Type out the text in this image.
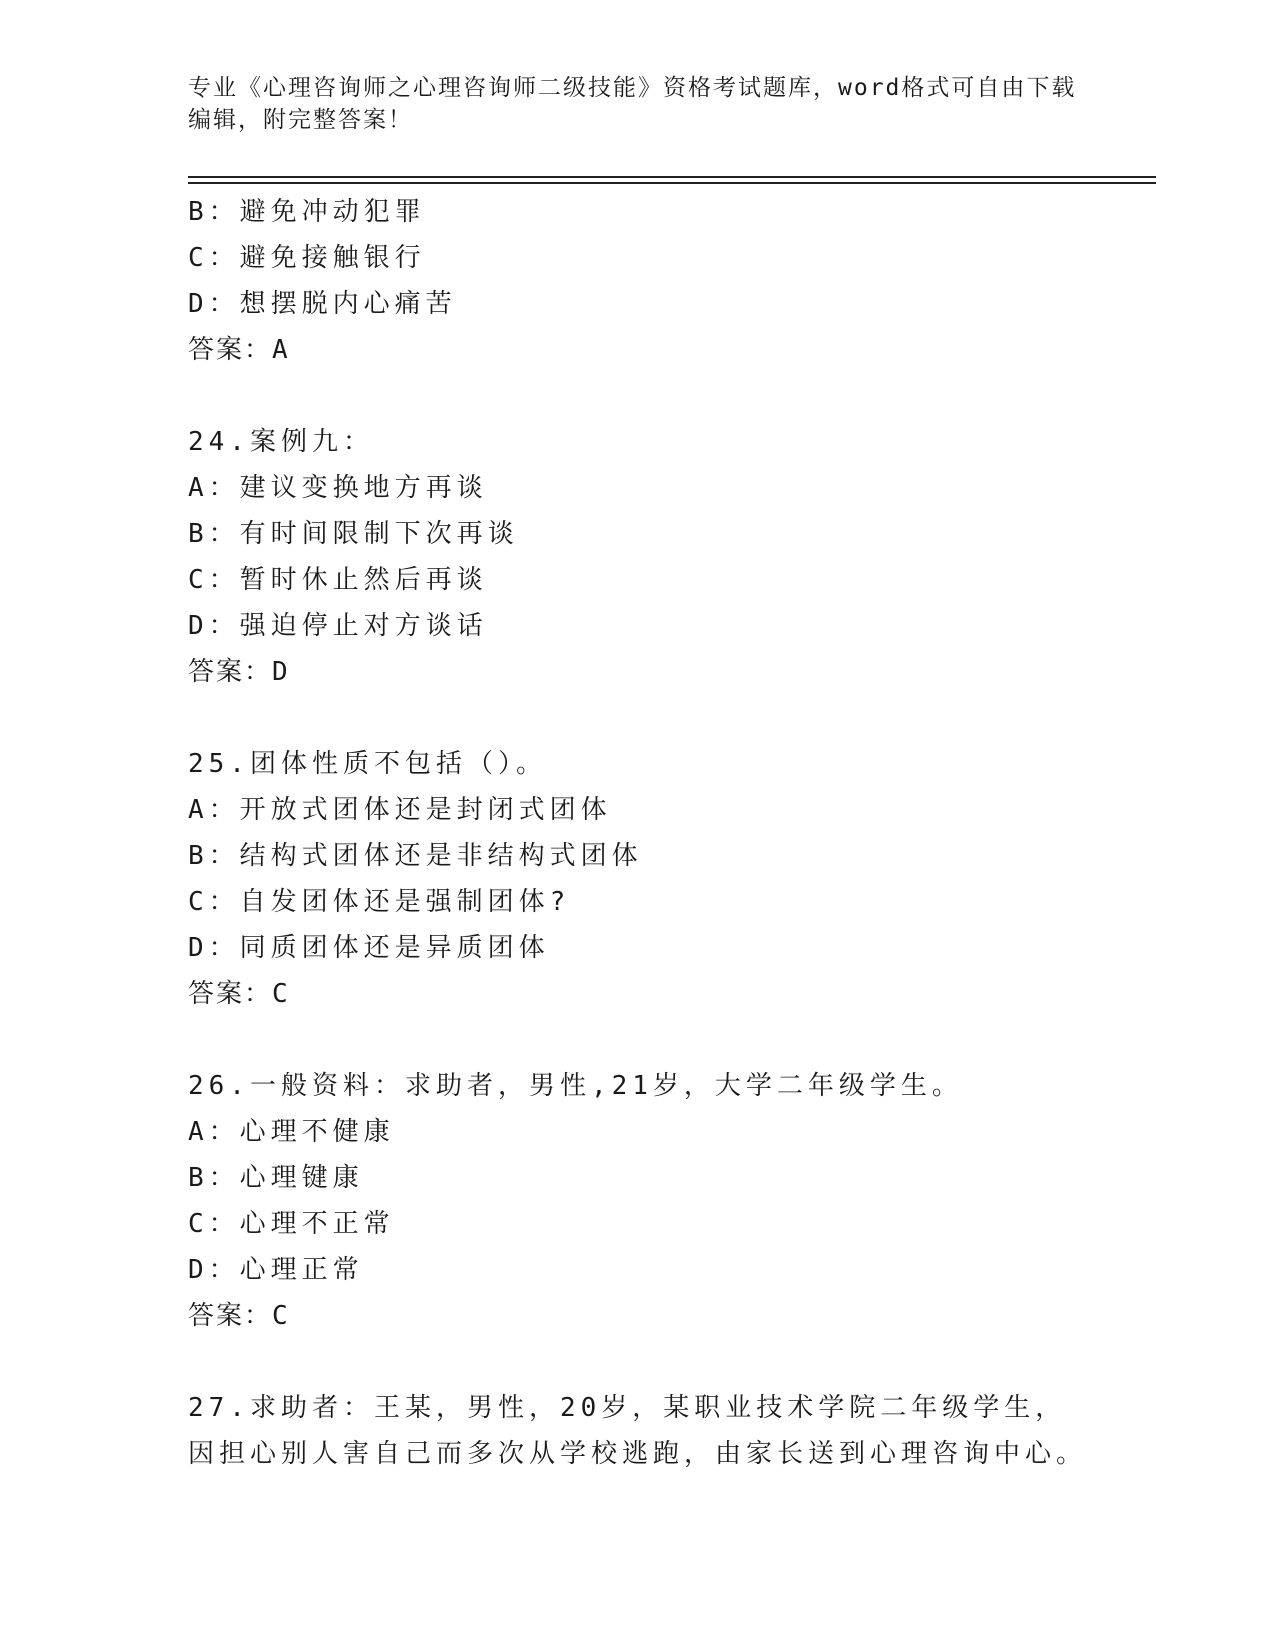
专业《心理咨询师之心理咨询师二级技能》资格考试题库，word格式可自由下载
编辑，附完整答案！
B：避免冲动犯罪
C：避免接触银行
D：想摆脱内心痛苦
答案：A
24.案例九：
A：建议变换地方再谈
B：有时间限制下次再谈
C：暂时休止然后再谈
D：强迫停止对方谈话
答案：D
25.团体性质不包括（）。
A：开放式团体还是封闭式团体
B：结构式团体还是非结构式团体
C：自发团体还是强制团体?
D：同质团体还是异质团体
答案：C
26.一般资料：求助者，男性,21岁，大学二年级学生。
A：心理不健康
B：心理键康
C：心理不正常
D：心理正常
答案：C
27.求助者：王某，男性，20岁，某职业技术学院二年级学生，因担心别人害自己而多次从学校逃跑，由家长送到心理咨询中心。
